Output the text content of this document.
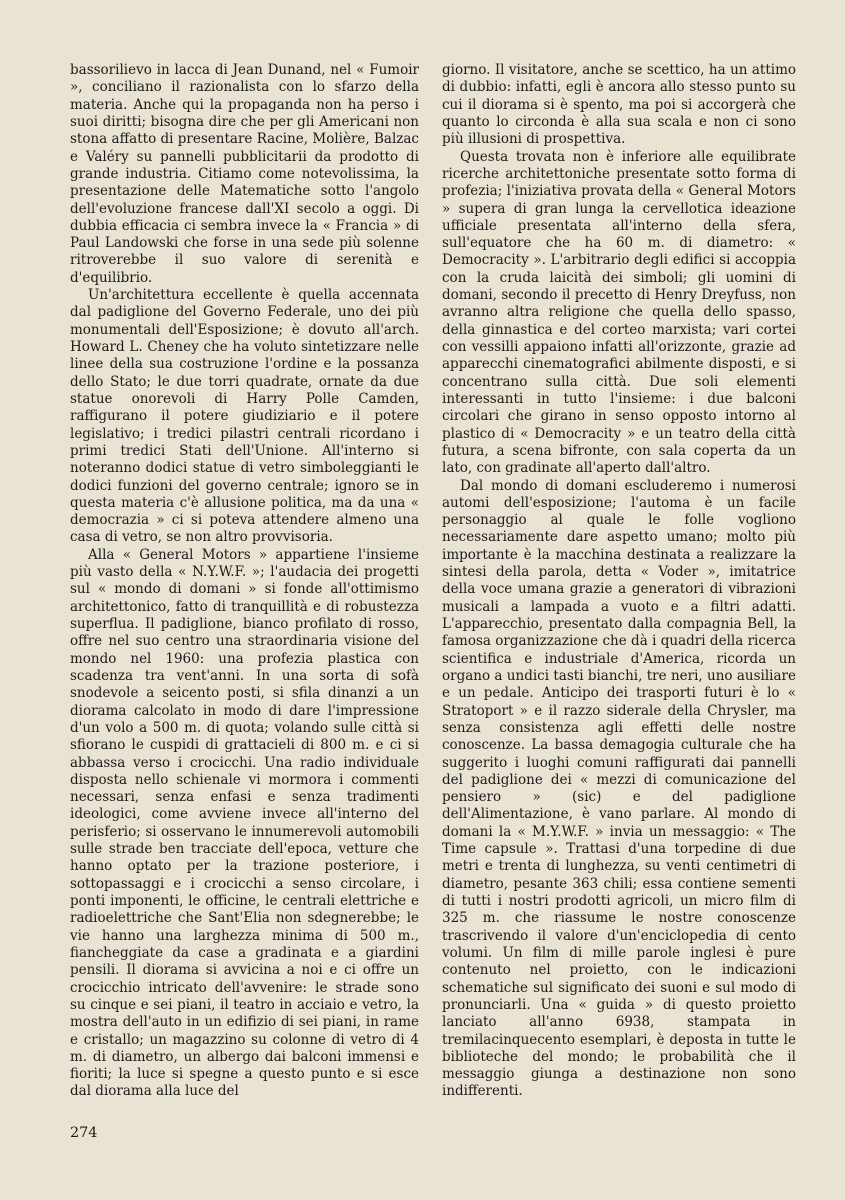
bassorilievo in lacca di Jean Dunand, nel « Fumoir », conciliano il razionalista con lo sfarzo della materia. Anche qui la propaganda non ha perso i suoi diritti; bisogna dire che per gli Americani non stona affatto di presentare Racine, Molière, Balzac e Valéry su pannelli pubblicitarii da prodotto di grande industria. Citiamo come notevolissima, la presentazione delle Matematiche sotto l'angolo dell'evoluzione francese dall'XI secolo a oggi. Di dubbia efficacia ci sembra invece la « Francia » di Paul Landowski che forse in una sede più solenne ritroverebbe il suo valore di serenità e d'equilibrio.

Un'architettura eccellente è quella accennata dal padiglione del Governo Federale, uno dei più monumentali dell'Esposizione; è dovuto all'arch. Howard L. Cheney che ha voluto sintetizzare nelle linee della sua costruzione l'ordine e la possanza dello Stato; le due torri quadrate, ornate da due statue onorevoli di Harry Polle Camden, raffigurano il potere giudiziario e il potere legislativo; i tredici pilastri centrali ricordano i primi tredici Stati dell'Unione. All'interno si noteranno dodici statue di vetro simboleggianti le dodici funzioni del governo centrale; ignoro se in questa materia c'è allusione politica, ma da una « democrazia » ci si poteva attendere almeno una casa di vetro, se non altro provvisoria.

Alla « General Motors » appartiene l'insieme più vasto della « N.Y.W.F. »; l'audacia dei progetti sul « mondo di domani » si fonde all'ottimismo architettonico, fatto di tranquillità e di robustezza superflua. Il padiglione, bianco profilato di rosso, offre nel suo centro una straordinaria visione del mondo nel 1960: una profezia plastica con scadenza tra vent'anni. In una sorta di sofà snodevole a seicento posti, si sfila dinanzi a un diorama calcolato in modo di dare l'impressione d'un volo a 500 m. di quota; volando sulle città si sfiorano le cuspidi di grattacieli di 800 m. e ci si abbassa verso i crocicchi. Una radio individuale disposta nello schienale vi mormora i commenti necessari, senza enfasi e senza tradimenti ideologici, come avviene invece all'interno del perisferio; si osservano le innumerevoli automobili sulle strade ben tracciate dell'epoca, vetture che hanno optato per la trazione posteriore, i sottopassaggi e i crocicchi a senso circolare, i ponti imponenti, le officine, le centrali elettriche e radioelettriche che Sant'Elia non sdegnerebbe; le vie hanno una larghezza minima di 500 m., fiancheggiate da case a gradinata e a giardini pensili. Il diorama si avvicina a noi e ci offre un crocicchio intricato dell'avvenire: le strade sono su cinque e sei piani, il teatro in acciaio e vetro, la mostra dell'auto in un edifizio di sei piani, in rame e cristallo; un magazzino su colonne di vetro di 4 m. di diametro, un albergo dai balconi immensi e fioriti; la luce si spegne a questo punto e si esce dal diorama alla luce del

giorno. Il visitatore, anche se scettico, ha un attimo di dubbio: infatti, egli è ancora allo stesso punto su cui il diorama si è spento, ma poi si accorgerà che quanto lo circonda è alla sua scala e non ci sono più illusioni di prospettiva.

Questa trovata non è inferiore alle equilibrate ricerche architettoniche presentate sotto forma di profezia; l'iniziativa provata della « General Motors » supera di gran lunga la cervellotica ideazione ufficiale presentata all'interno della sfera, sull'equatore che ha 60 m. di diametro: « Democracity ». L'arbitrario degli edifici si accoppia con la cruda laicità dei simboli; gli uomini di domani, secondo il precetto di Henry Dreyfuss, non avranno altra religione che quella dello spasso, della ginnastica e del corteo marxista; vari cortei con vessilli appaiono infatti all'orizzonte, grazie ad apparecchi cinematografici abilmente disposti, e si concentrano sulla città. Due soli elementi interessanti in tutto l'insieme: i due balconi circolari che girano in senso opposto intorno al plastico di « Democracity » e un teatro della città futura, a scena bifronte, con sala coperta da un lato, con gradinate all'aperto dall'altro.

Dal mondo di domani escluderemo i numerosi automi dell'esposizione; l'automa è un facile personaggio al quale le folle vogliono necessariamente dare aspetto umano; molto più importante è la macchina destinata a realizzare la sintesi della parola, detta « Voder », imitatrice della voce umana grazie a generatori di vibrazioni musicali a lampada a vuoto e a filtri adatti. L'apparecchio, presentato dalla compagnia Bell, la famosa organizzazione che dà i quadri della ricerca scientifica e industriale d'America, ricorda un organo a undici tasti bianchi, tre neri, uno ausiliare e un pedale. Anticipo dei trasporti futuri è lo « Stratoport » e il razzo siderale della Chrysler, ma senza consistenza agli effetti delle nostre conoscenze. La bassa demagogia culturale che ha suggerito i luoghi comuni raffigurati dai pannelli del padiglione dei « mezzi di comunicazione del pensiero » (sic) e del padiglione dell'Alimentazione, è vano parlare. Al mondo di domani la « M.Y.W.F. » invia un messaggio: « The Time capsule ». Trattasi d'una torpedine di due metri e trenta di lunghezza, su venti centimetri di diametro, pesante 363 chili; essa contiene sementi di tutti i nostri prodotti agricoli, un micro film di 325 m. che riassume le nostre conoscenze trascrivendo il valore d'un'enciclopedia di cento volumi. Un film di mille parole inglesi è pure contenuto nel proietto, con le indicazioni schematiche sul significato dei suoni e sul modo di pronunciarli. Una « guida » di questo proietto lanciato all'anno 6938, stampata in tremilacinquecento esemplari, è deposta in tutte le biblioteche del mondo; le probabilità che il messaggio giunga a destinazione non sono indifferenti.

274
